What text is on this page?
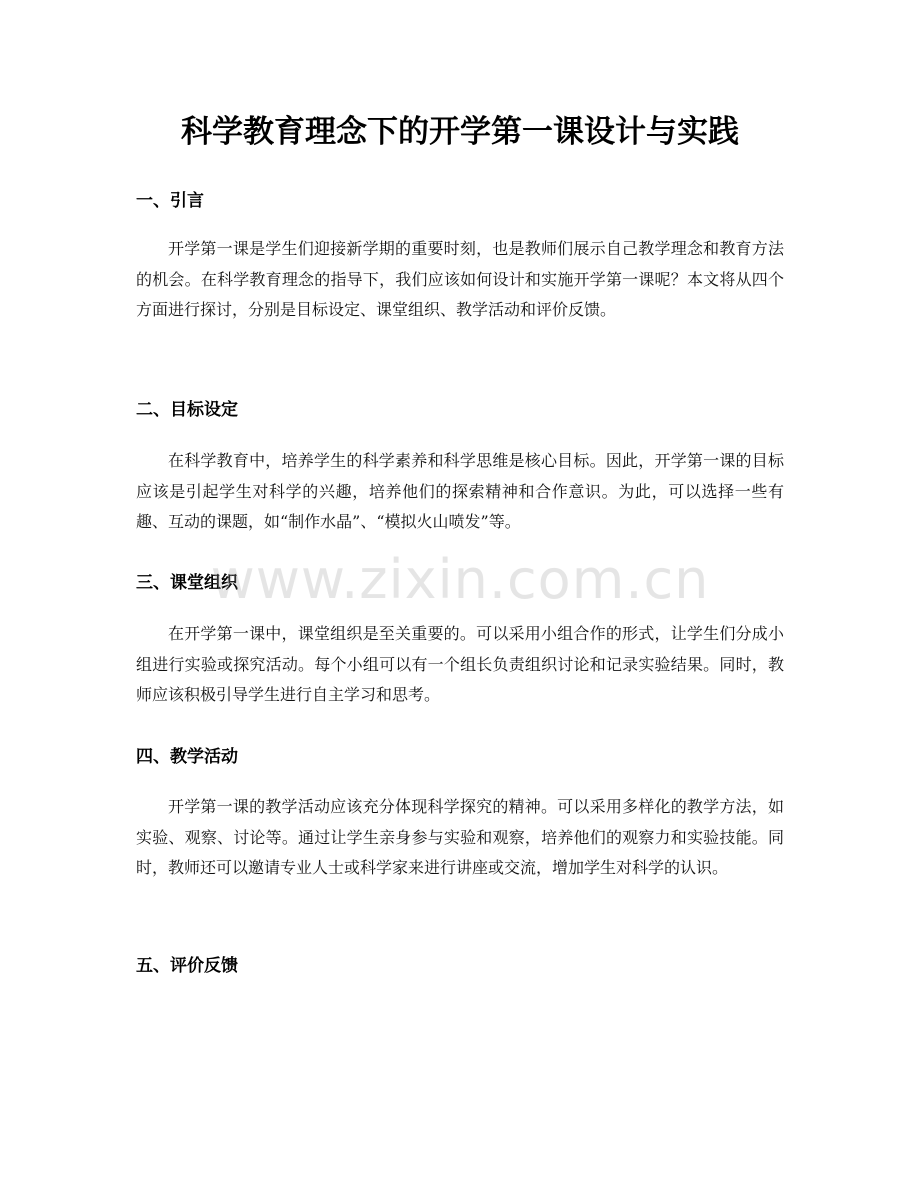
科学教育理念下的开学第一课设计与实践
一、引言

开学第一课是学生们迎接新学期的重要时刻，也是教师们展示自己教学理念和教育方法的机会。在科学教育理念的指导下，我们应该如何设计和实施开学第一课呢？本文将从四个方面进行探讨，分别是目标设定、课堂组织、教学活动和评价反馈。

二、目标设定

在科学教育中，培养学生的科学素养和科学思维是核心目标。因此，开学第一课的目标应该是引起学生对科学的兴趣，培养他们的探索精神和合作意识。为此，可以选择一些有趣、互动的课题，如“制作水晶”、“模拟火山喷发”等。

三、课堂组织

在开学第一课中，课堂组织是至关重要的。可以采用小组合作的形式，让学生们分成小组进行实验或探究活动。每个小组可以有一个组长负责组织讨论和记录实验结果。同时，教师应该积极引导学生进行自主学习和思考。

四、教学活动

开学第一课的教学活动应该充分体现科学探究的精神。可以采用多样化的教学方法，如实验、观察、讨论等。通过让学生亲身参与实验和观察，培养他们的观察力和实验技能。同时，教师还可以邀请专业人士或科学家来进行讲座或交流，增加学生对科学的认识。

五、评价反馈
www.zixin.com.cn
